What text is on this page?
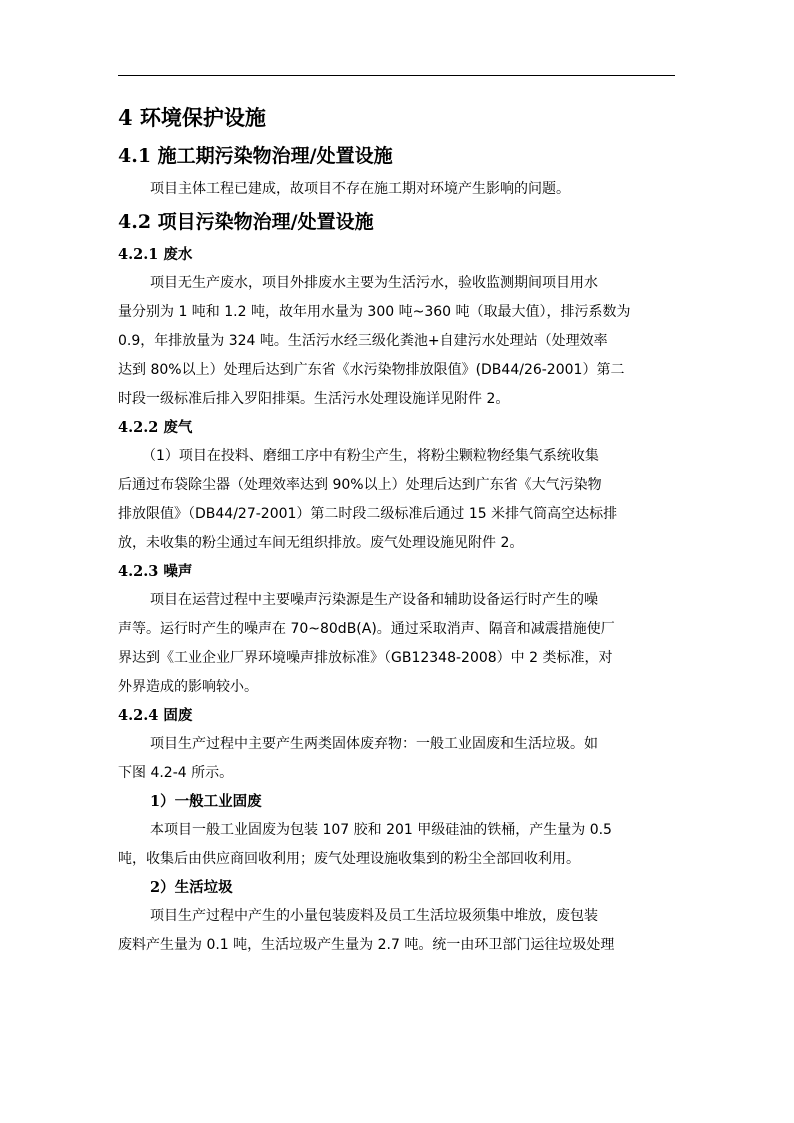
4 环境保护设施
4.1 施工期污染物治理/处置设施
项目主体工程已建成，故项目不存在施工期对环境产生影响的问题。
4.2 项目污染物治理/处置设施
4.2.1 废水
项目无生产废水，项目外排废水主要为生活污水，验收监测期间项目用水
量分别为 1 吨和 1.2 吨，故年用水量为 300 吨~360 吨（取最大值），排污系数为
0.9，年排放量为 324 吨。生活污水经三级化粪池+自建污水处理站（处理效率
达到 80%以上）处理后达到广东省《水污染物排放限值》(DB44/26-2001）第二
时段一级标准后排入罗阳排渠。生活污水处理设施详见附件 2。
4.2.2 废气
（1）项目在投料、磨细工序中有粉尘产生，将粉尘颗粒物经集气系统收集
后通过布袋除尘器（处理效率达到 90%以上）处理后达到广东省《大气污染物
排放限值》（DB44/27-2001）第二时段二级标准后通过 15 米排气筒高空达标排
放，未收集的粉尘通过车间无组织排放。废气处理设施见附件 2。
4.2.3 噪声
项目在运营过程中主要噪声污染源是生产设备和辅助设备运行时产生的噪
声等。运行时产生的噪声在 70~80dB(A)。通过采取消声、隔音和减震措施使厂
界达到《工业企业厂界环境噪声排放标准》（GB12348-2008）中 2 类标准，对
外界造成的影响较小。
4.2.4 固废
项目生产过程中主要产生两类固体废弃物：一般工业固废和生活垃圾。如
下图 4.2-4 所示。
1）一般工业固废
本项目一般工业固废为包装 107 胶和 201 甲级硅油的铁桶，产生量为 0.5
吨，收集后由供应商回收利用；废气处理设施收集到的粉尘全部回收利用。
2）生活垃圾
项目生产过程中产生的小量包装废料及员工生活垃圾须集中堆放，废包装
废料产生量为 0.1 吨，生活垃圾产生量为 2.7 吨。统一由环卫部门运往垃圾处理
